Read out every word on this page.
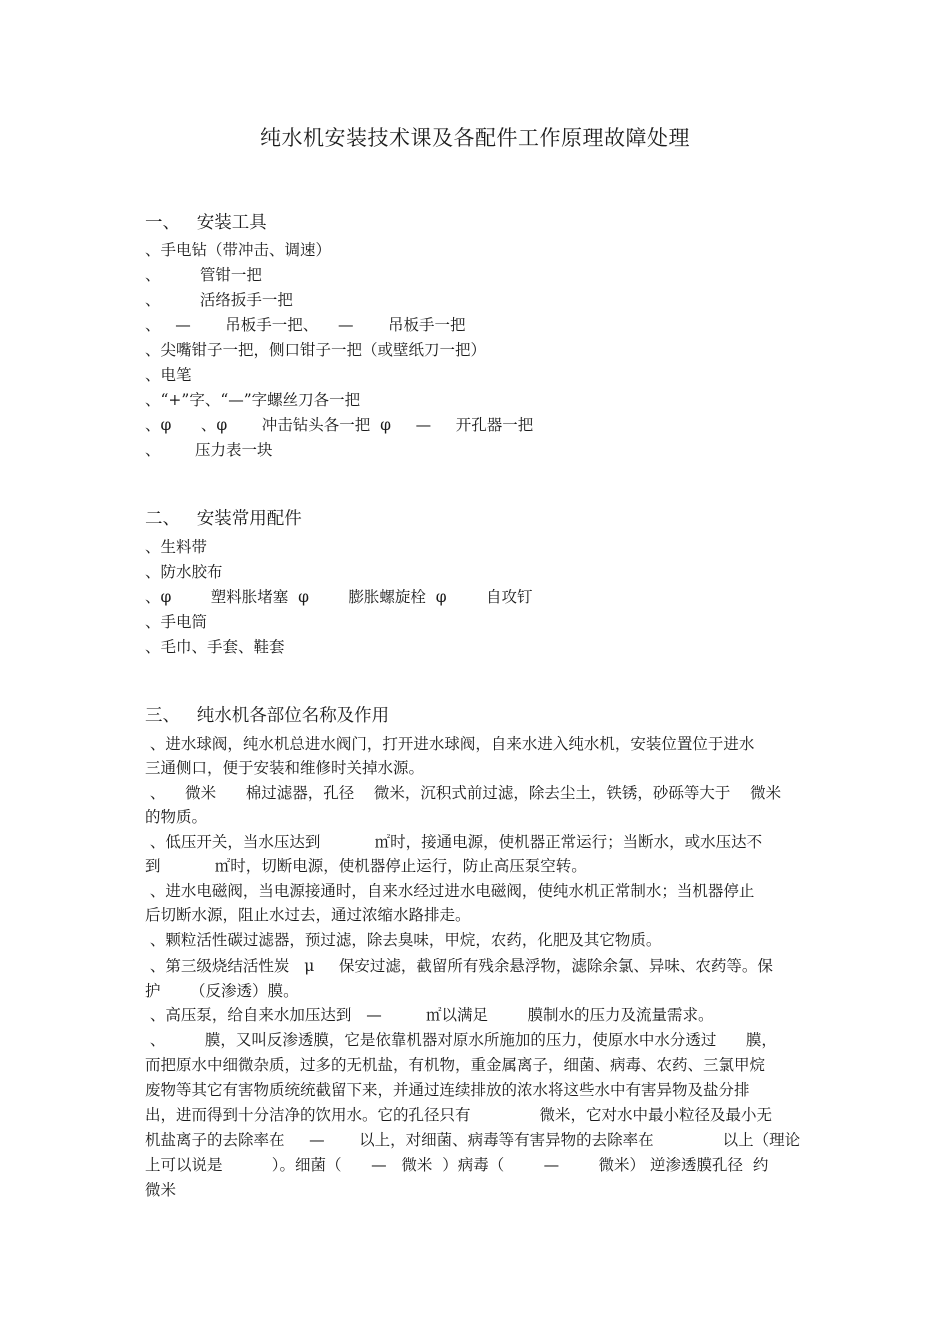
纯水机安装技术课及各配件工作原理故障处理
一、   安装工具
、手电钻（带冲击、调速）
、        管钳一把
、        活络扳手一把
、   —       吊板手一把、    —       吊板手一把
、尖嘴钳子一把，侧口钳子一把（或壁纸刀一把）
、电笔
、“+”字、“—”字螺丝刀各一把
、φ      、φ       冲击钻头各一把  φ     —     开孔器一把
、       压力表一块
二、   安装常用配件
、生料带
、防水胶布
、φ        塑料胀堵塞  φ        膨胀螺旋栓  φ        自攻钉
、手电筒
、毛巾、手套、鞋套
三、   纯水机各部位名称及作用
、进水球阀，纯水机总进水阀门，打开进水球阀，自来水进入纯水机，安装位置位于进水
三通侧口，便于安装和维修时关掉水源。
、    微米      棉过滤器，孔径    微米，沉积式前过滤，除去尘土，铁锈，砂砾等大于    微米
的物质。
、低压开关，当水压达到           ㎡时，接通电源，使机器正常运行；当断水，或水压达不
到           ㎡时，切断电源，使机器停止运行，防止高压泵空转。
、进水电磁阀，当电源接通时，自来水经过进水电磁阀，使纯水机正常制水；当机器停止
后切断水源，阻止水过去，通过浓缩水路排走。
、颗粒活性碳过滤器，预过滤，除去臭味，甲烷，农药，化肥及其它物质。
、第三级烧结活性炭   μ     保安过滤，截留所有残余悬浮物，滤除余氯、异味、农药等。保
护      （反渗透）膜。
、高压泵，给自来水加压达到   —         ㎡以满足        膜制水的压力及流量需求。
、        膜，又叫反渗透膜，它是依靠机器对原水所施加的压力，使原水中水分透过      膜，
而把原水中细微杂质，过多的无机盐，有机物，重金属离子，细菌、病毒、农药、三氯甲烷
废物等其它有害物质统统截留下来，并通过连续排放的浓水将这些水中有害异物及盐分排
出，进而得到十分洁净的饮用水。它的孔径只有              微米，它对水中最小粒径及最小无
机盐离子的去除率在     —       以上，对细菌、病毒等有害异物的去除率在              以上（理论
上可以说是          ）。细菌（      —   微米  ）病毒（        —        微米） 逆渗透膜孔径  约
微米
